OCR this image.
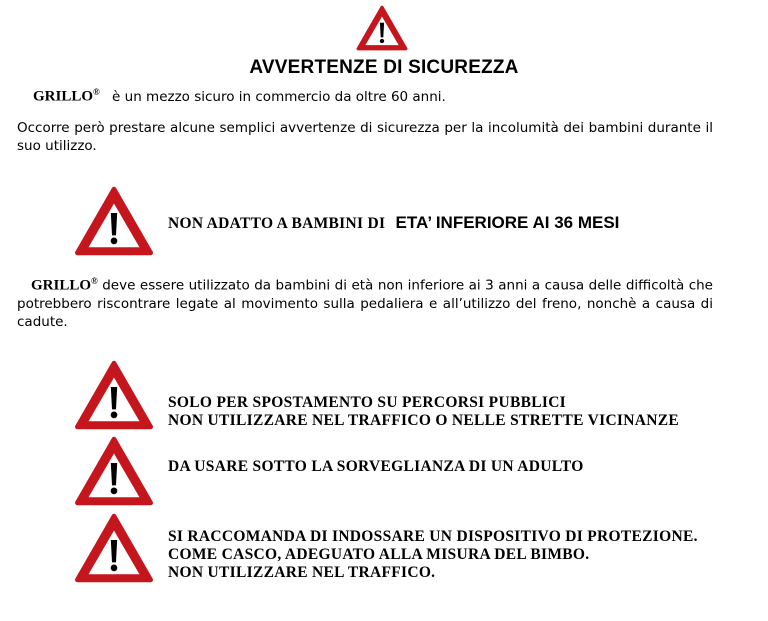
AVVERTENZE DI SICUREZZA
GRILLO® è un mezzo sicuro in commercio da oltre 60 anni.
Occorre però prestare alcune semplici avvertenze di sicurezza per la incolumità dei bambini durante il suo utilizzo.
NON ADATTO A BAMBINI DI ETA’ INFERIORE AI 36 MESI
GRILLO® deve essere utilizzato da bambini di età non inferiore ai 3 anni a causa delle difficoltà che potrebbero riscontrare legate al movimento sulla pedaliera e all’utilizzo del freno, nonchè a causa di cadute.
SOLO PER SPOSTAMENTO SU PERCORSI PUBBLICI
NON UTILIZZARE NEL TRAFFICO O NELLE STRETTE VICINANZE
DA USARE SOTTO LA SORVEGLIANZA DI UN ADULTO
SI RACCOMANDA DI INDOSSARE UN DISPOSITIVO DI PROTEZIONE.
COME CASCO, ADEGUATO ALLA MISURA DEL BIMBO.
NON UTILIZZARE NEL TRAFFICO.
